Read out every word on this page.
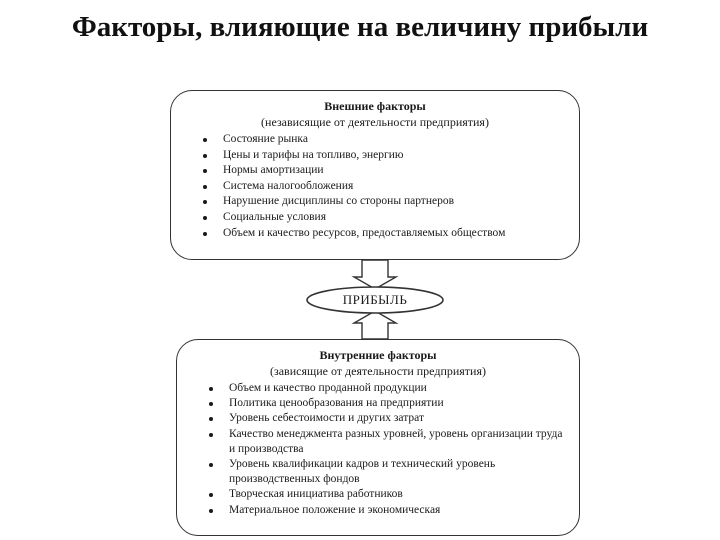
Факторы, влияющие на величину прибыли
Внешние факторы
(независящие от деятельности предприятия)
Состояние рынка
Цены и тарифы на топливо, энергию
Нормы амортизации
Система налогообложения
Нарушение дисциплины со стороны партнеров
Социальные условия
Объем и качество ресурсов, предоставляемых обществом
ПРИБЫЛЬ
Внутренние факторы
(зависящие от деятельности предприятия)
Объем и качество проданной продукции
Политика ценообразования на предприятии
Уровень себестоимости и других затрат
Качество менеджмента разных уровней, уровень организации труда и производства
Уровень квалификации кадров и технический уровень производственных фондов
Творческая инициатива работников
Материальное положение и экономическая
